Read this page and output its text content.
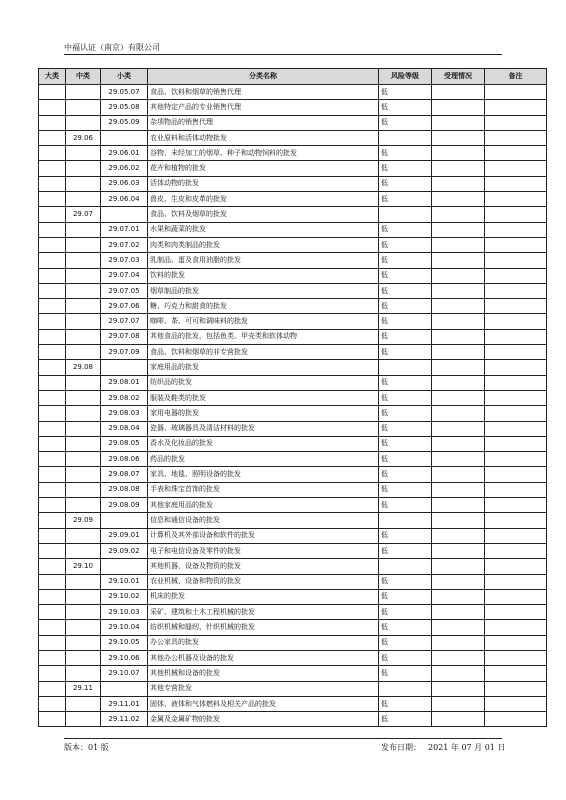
中福认证（南京）有限公司
大类	中类	小类	分类名称	风险等级	受理情况	备注
		29.05.07	食品、饮料和烟草的销售代理	低		
		29.05.08	其他特定产品的专业销售代理	低		
		29.05.09	杂项物品的销售代理	低		
	29.06		农业原料和活体动物批发			
		29.06.01	谷物、未经加工的烟草、种子和动物饲料的批发	低		
		29.06.02	花卉和植物的批发	低		
		29.06.03	活体动物的批发	低		
		29.06.04	兽皮、生皮和皮革的批发	低		
	29.07		食品、饮料及烟草的批发			
		29.07.01	水果和蔬菜的批发	低		
		29.07.02	肉类和肉类制品的批发	低		
		29.07.03	乳制品、蛋及食用油脂的批发	低		
		29.07.04	饮料的批发	低		
		29.07.05	烟草制品的批发	低		
		29.07.06	糖、巧克力和甜食的批发	低		
		29.07.07	咖啡、茶、可可和调味料的批发	低		
		29.07.08	其他食品的批发，包括鱼类、甲壳类和软体动物	低		
		29.07.09	食品、饮料和烟草的非专营批发	低		
	29.08		家庭用品的批发			
		29.08.01	纺织品的批发	低		
		29.08.02	服装及鞋类的批发	低		
		29.08.03	家用电器的批发	低		
		29.08.04	瓷器、玻璃器具及清洁材料的批发	低		
		29.08.05	香水及化妆品的批发	低		
		29.08.06	药品的批发	低		
		29.08.07	家具、地毯、照明设备的批发	低		
		29.08.08	手表和珠宝首饰的批发	低		
		29.08.09	其他家庭用品的批发	低		
	29.09		信息和通信设备的批发			
		29.09.01	计算机及其外部设备和软件的批发	低		
		29.09.02	电子和电信设备及零件的批发	低		
	29.10		其他机器、设备及物资的批发			
		29.10.01	农业机械、设备和物资的批发	低		
		29.10.02	机床的批发	低		
		29.10.03	采矿、建筑和土木工程机械的批发	低		
		29.10.04	纺织机械和缝纫、针织机械的批发	低		
		29.10.05	办公家具的批发	低		
		29.10.06	其他办公机器及设备的批发	低		
		29.10.07	其他机械和设备的批发	低		
	29.11		其他专营批发			
		29.11.01	固体、液体和气体燃料及相关产品的批发	低		
		29.11.02	金属及金属矿物的批发	低		
版本：01 版	发布日期： 2021 年 07 月 01 日
